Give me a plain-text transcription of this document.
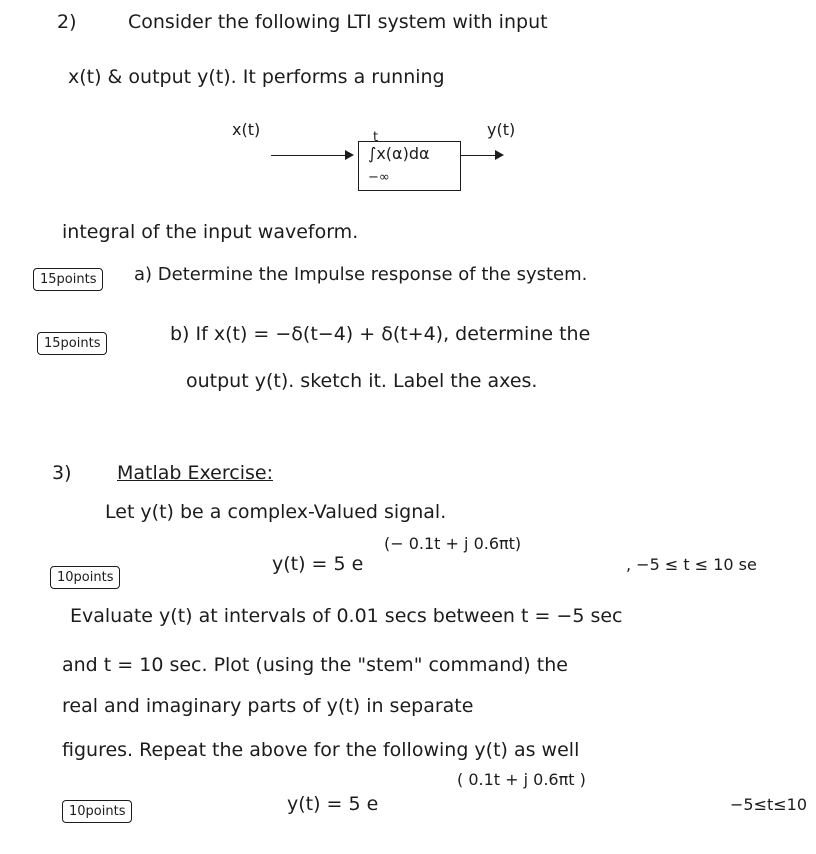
2)	Consider the following LTI system with input
x(t) & output y(t). It performs a running
x(t)	y(t)
t
∫x(α)dα
−∞
integral of the input waveform.
15points	a) Determine the Impulse response of the system.
15points	b) If x(t) = −δ(t−4) + δ(t+4), determine the
output y(t). sketch it. Label the axes.
3) Matlab Exercise:
Let y(t) be a complex-Valued signal.
10points
y(t) = 5 e
(− 0.1t + j 0.6πt)
, −5 ≤ t ≤ 10 se
Evaluate y(t) at intervals of 0.01 secs between t = −5 sec
and t = 10 sec. Plot (using the "stem" command) the
real and imaginary parts of y(t) in separate
figures. Repeat the above for the following y(t) as well
10points	y(t) = 5 e
( 0.1t + j 0.6πt )
−5≤t≤10
